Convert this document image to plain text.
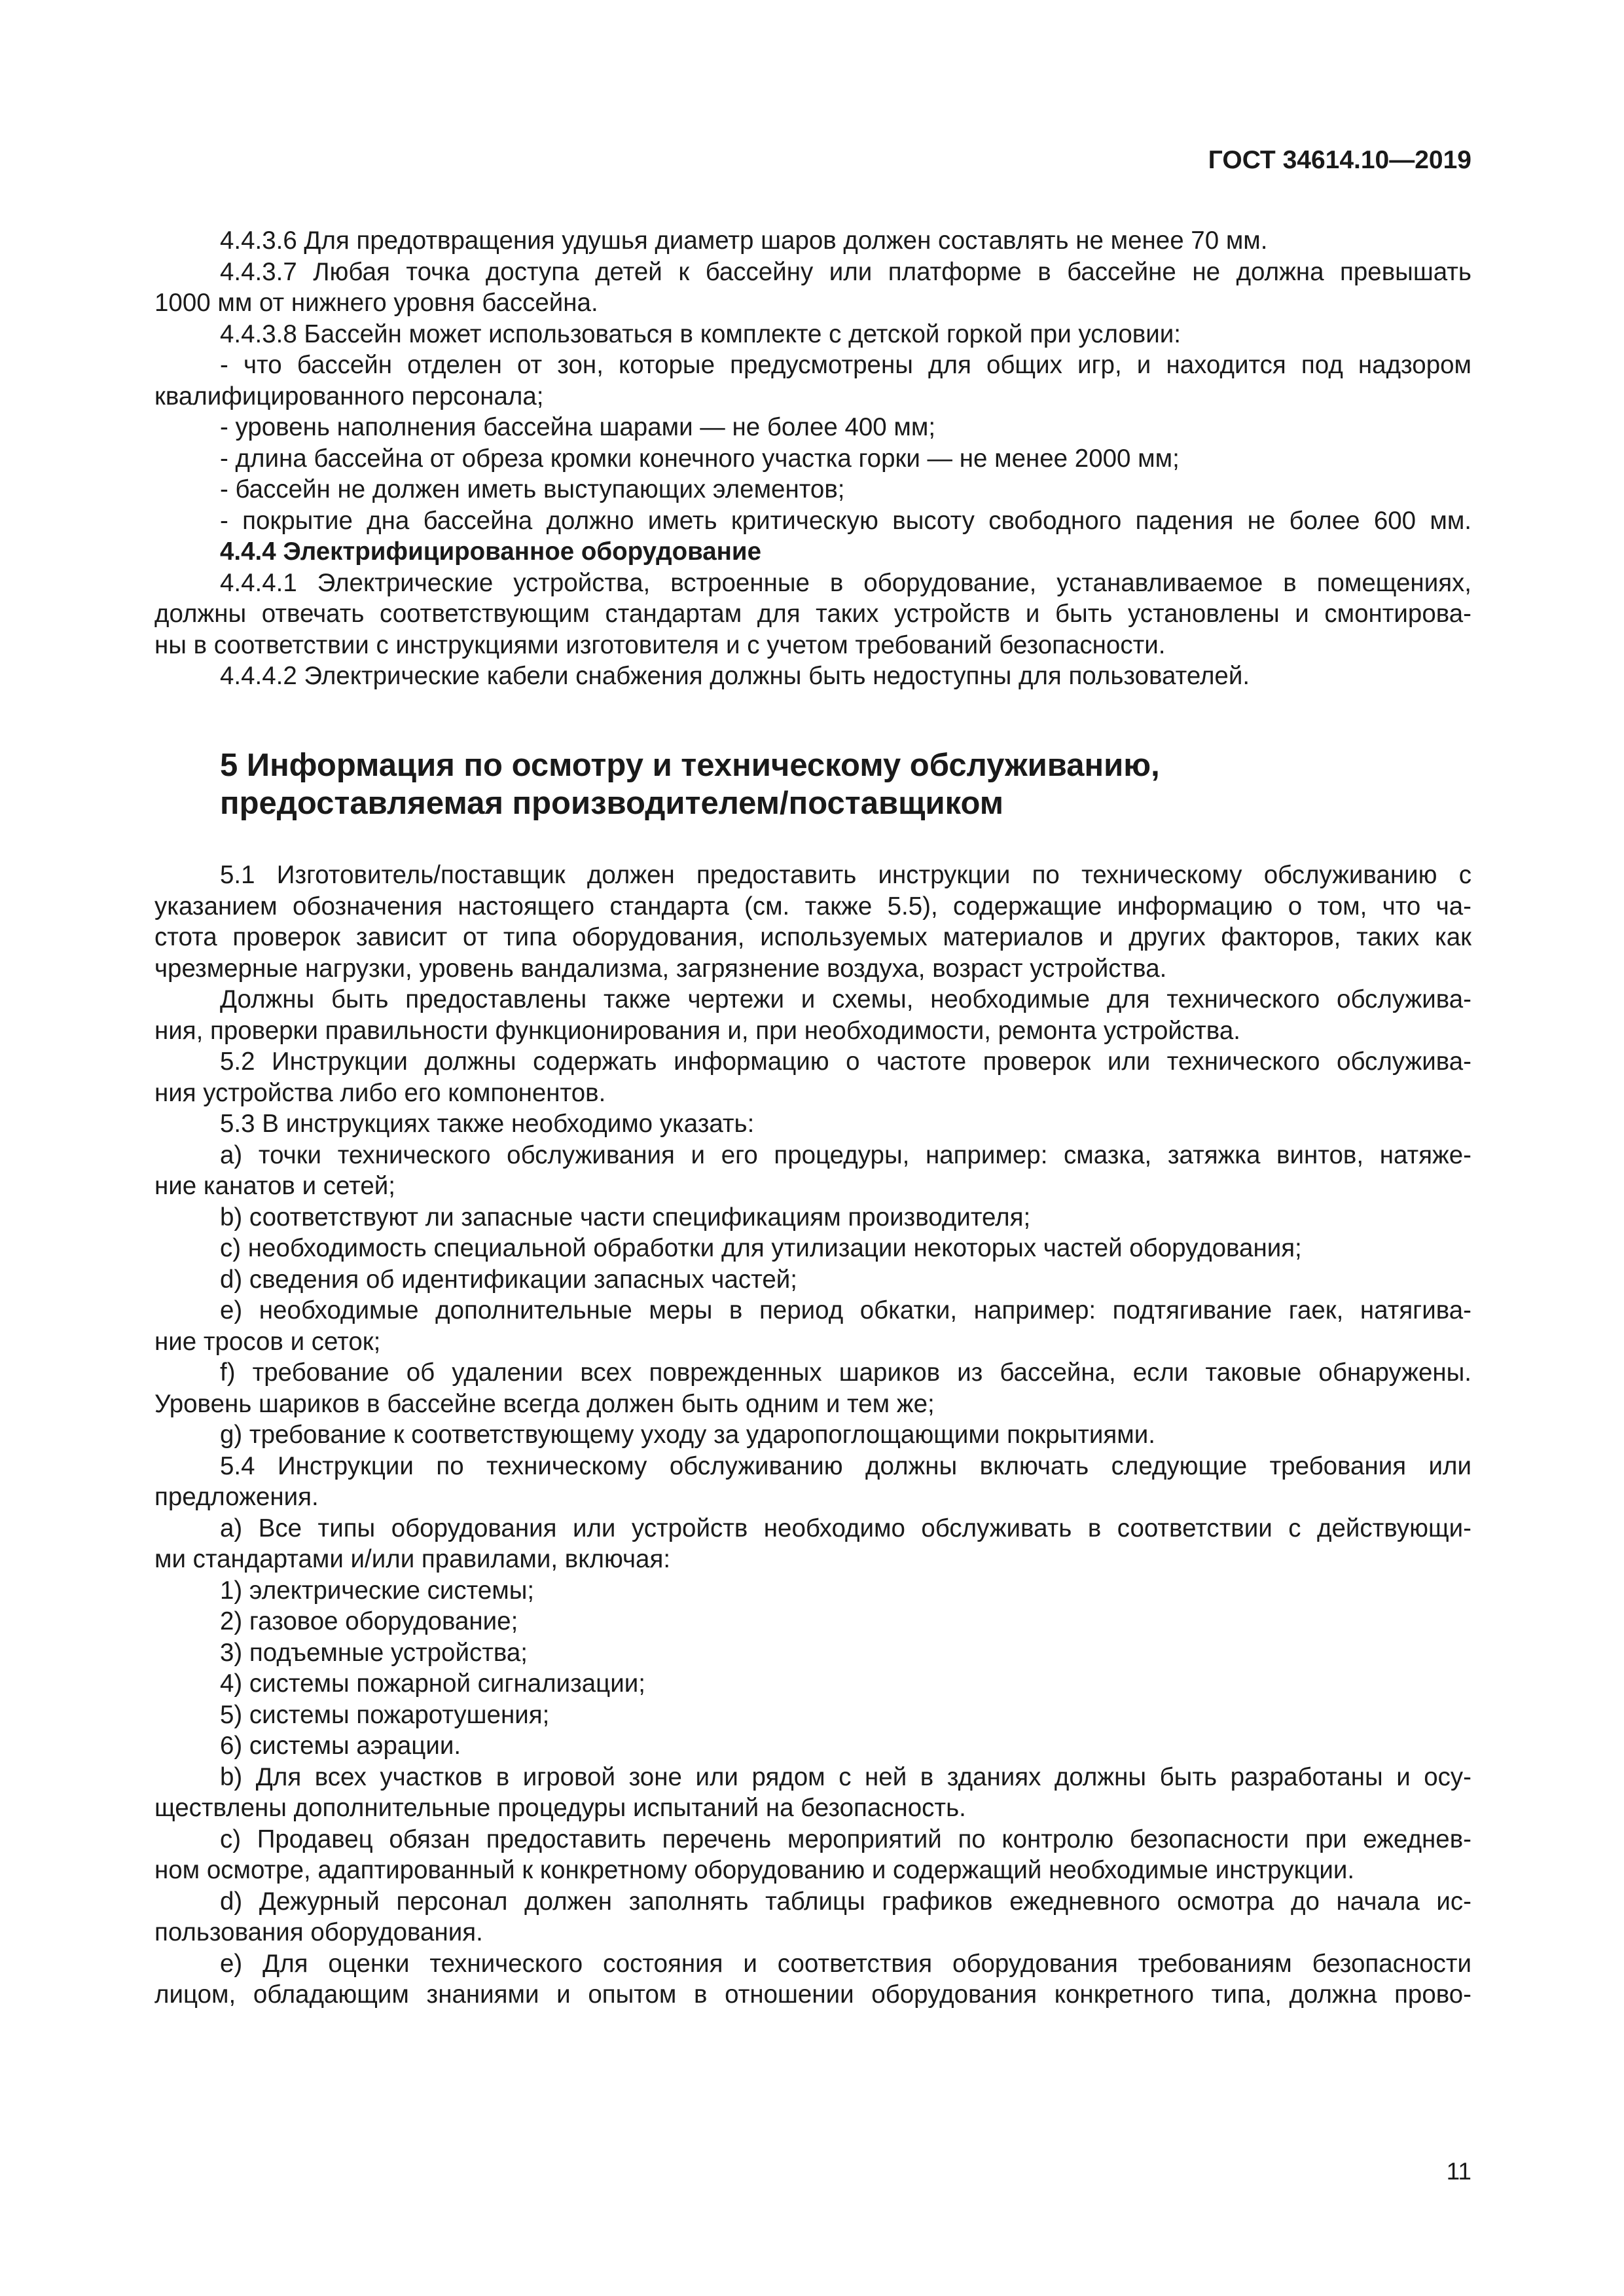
ГОСТ 34614.10—2019
4.4.3.6 Для предотвращения удушья диаметр шаров должен составлять не менее 70 мм.
4.4.3.7 Любая точка доступа детей к бассейну или платформе в бассейне не должна превышать
1000 мм от нижнего уровня бассейна.
4.4.3.8 Бассейн может использоваться в комплекте с детской горкой при условии:
- что бассейн отделен от зон, которые предусмотрены для общих игр, и находится под надзором
квалифицированного персонала;
- уровень наполнения бассейна шарами — не более 400 мм;
- длина бассейна от обреза кромки конечного участка горки — не менее 2000 мм;
- бассейн не должен иметь выступающих элементов;
- покрытие дна бассейна должно иметь критическую высоту свободного падения не более 600 мм.
4.4.4 Электрифицированное оборудование
4.4.4.1 Электрические устройства, встроенные в оборудование, устанавливаемое в помещениях,
должны отвечать соответствующим стандартам для таких устройств и быть установлены и смонтирова-
ны в соответствии с инструкциями изготовителя и с учетом требований безопасности.
4.4.4.2 Электрические кабели снабжения должны быть недоступны для пользователей.
5 Информация по осмотру и техническому обслуживанию,
предоставляемая производителем/поставщиком
5.1 Изготовитель/поставщик должен предоставить инструкции по техническому обслуживанию с
указанием обозначения настоящего стандарта (см. также 5.5), содержащие информацию о том, что ча-
стота проверок зависит от типа оборудования, используемых материалов и других факторов, таких как
чрезмерные нагрузки, уровень вандализма, загрязнение воздуха, возраст устройства.
Должны быть предоставлены также чертежи и схемы, необходимые для технического обслужива-
ния, проверки правильности функционирования и, при необходимости, ремонта устройства.
5.2 Инструкции должны содержать информацию о частоте проверок или технического обслужива-
ния устройства либо его компонентов.
5.3 В инструкциях также необходимо указать:
a) точки технического обслуживания и его процедуры, например: смазка, затяжка винтов, натяже-
ние канатов и сетей;
b) соответствуют ли запасные части спецификациям производителя;
c) необходимость специальной обработки для утилизации некоторых частей оборудования;
d) сведения об идентификации запасных частей;
e) необходимые дополнительные меры в период обкатки, например: подтягивание гаек, натягива-
ние тросов и сеток;
f) требование об удалении всех поврежденных шариков из бассейна, если таковые обнаружены.
Уровень шариков в бассейне всегда должен быть одним и тем же;
g) требование к соответствующему уходу за ударопоглощающими покрытиями.
5.4 Инструкции по техническому обслуживанию должны включать следующие требования или
предложения.
a) Все типы оборудования или устройств необходимо обслуживать в соответствии с действующи-
ми стандартами и/или правилами, включая:
1) электрические системы;
2) газовое оборудование;
3) подъемные устройства;
4) системы пожарной сигнализации;
5) системы пожаротушения;
6) системы аэрации.
b) Для всех участков в игровой зоне или рядом с ней в зданиях должны быть разработаны и осу-
ществлены дополнительные процедуры испытаний на безопасность.
c) Продавец обязан предоставить перечень мероприятий по контролю безопасности при ежеднев-
ном осмотре, адаптированный к конкретному оборудованию и содержащий необходимые инструкции.
d) Дежурный персонал должен заполнять таблицы графиков ежедневного осмотра до начала ис-
пользования оборудования.
e) Для оценки технического состояния и соответствия оборудования требованиям безопасности
лицом, обладающим знаниями и опытом в отношении оборудования конкретного типа, должна прово-
11
